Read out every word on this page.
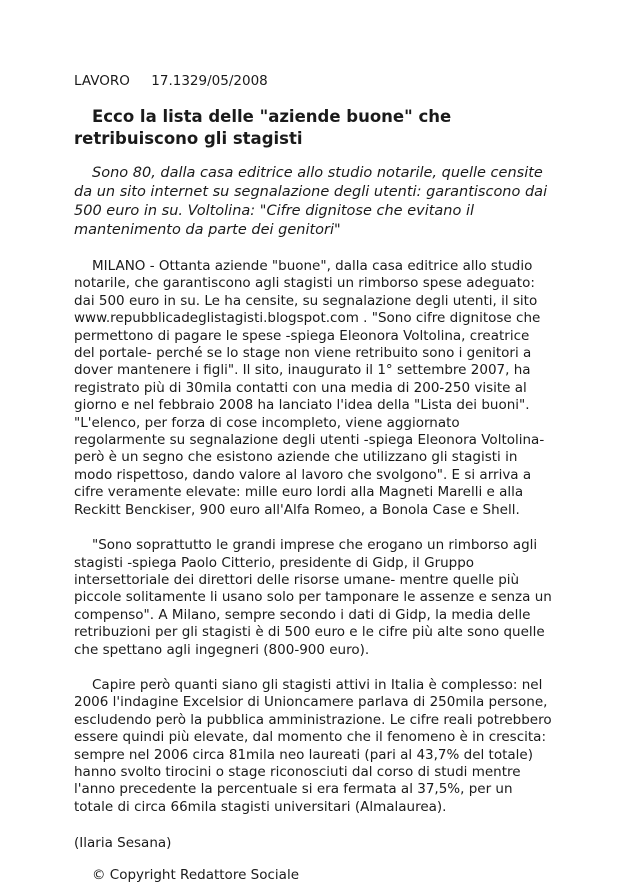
LAVORO     17.1329/05/2008
Ecco la lista delle "aziende buone" che retribuiscono gli stagisti
Sono 80, dalla casa editrice allo studio notarile, quelle censite da un sito internet su segnalazione degli utenti: garantiscono dai 500 euro in su. Voltolina: "Cifre dignitose che evitano il mantenimento da parte dei genitori"
MILANO - Ottanta aziende "buone", dalla casa editrice allo studio notarile, che garantiscono agli stagisti un rimborso spese adeguato: dai 500 euro in su. Le ha censite, su segnalazione degli utenti, il sito www.repubblicadeglistagisti.blogspot.com . "Sono cifre dignitose che permettono di pagare le spese -spiega Eleonora Voltolina, creatrice del portale- perché se lo stage non viene retribuito sono i genitori a dover mantenere i figli". Il sito, inaugurato il 1° settembre 2007, ha registrato più di 30mila contatti con una media di 200-250 visite al giorno e nel febbraio 2008 ha lanciato l'idea della "Lista dei buoni". "L'elenco, per forza di cose incompleto, viene aggiornato regolarmente su segnalazione degli utenti -spiega Eleonora Voltolina- però è un segno che esistono aziende che utilizzano gli stagisti in modo rispettoso, dando valore al lavoro che svolgono". E si arriva a cifre veramente elevate: mille euro lordi alla Magneti Marelli e alla Reckitt Benckiser, 900 euro all'Alfa Romeo, a Bonola Case e Shell.
"Sono soprattutto le grandi imprese che erogano un rimborso agli stagisti -spiega Paolo Citterio, presidente di Gidp, il Gruppo intersettoriale dei direttori delle risorse umane- mentre quelle più piccole solitamente li usano solo per tamponare le assenze e senza un compenso". A Milano, sempre secondo i dati di Gidp, la media delle retribuzioni per gli stagisti è di 500 euro e le cifre più alte sono quelle che spettano agli ingegneri (800-900 euro).
Capire però quanti siano gli stagisti attivi in Italia è complesso: nel 2006 l'indagine Excelsior di Unioncamere parlava di 250mila persone, escludendo però la pubblica amministrazione. Le cifre reali potrebbero essere quindi più elevate, dal momento che il fenomeno è in crescita: sempre nel 2006 circa 81mila neo laureati (pari al 43,7% del totale) hanno svolto tirocini o stage riconosciuti dal corso di studi mentre l'anno precedente la percentuale si era fermata al 37,5%, per un totale di circa 66mila stagisti universitari (Almalaurea).
(Ilaria Sesana)
© Copyright Redattore Sociale
